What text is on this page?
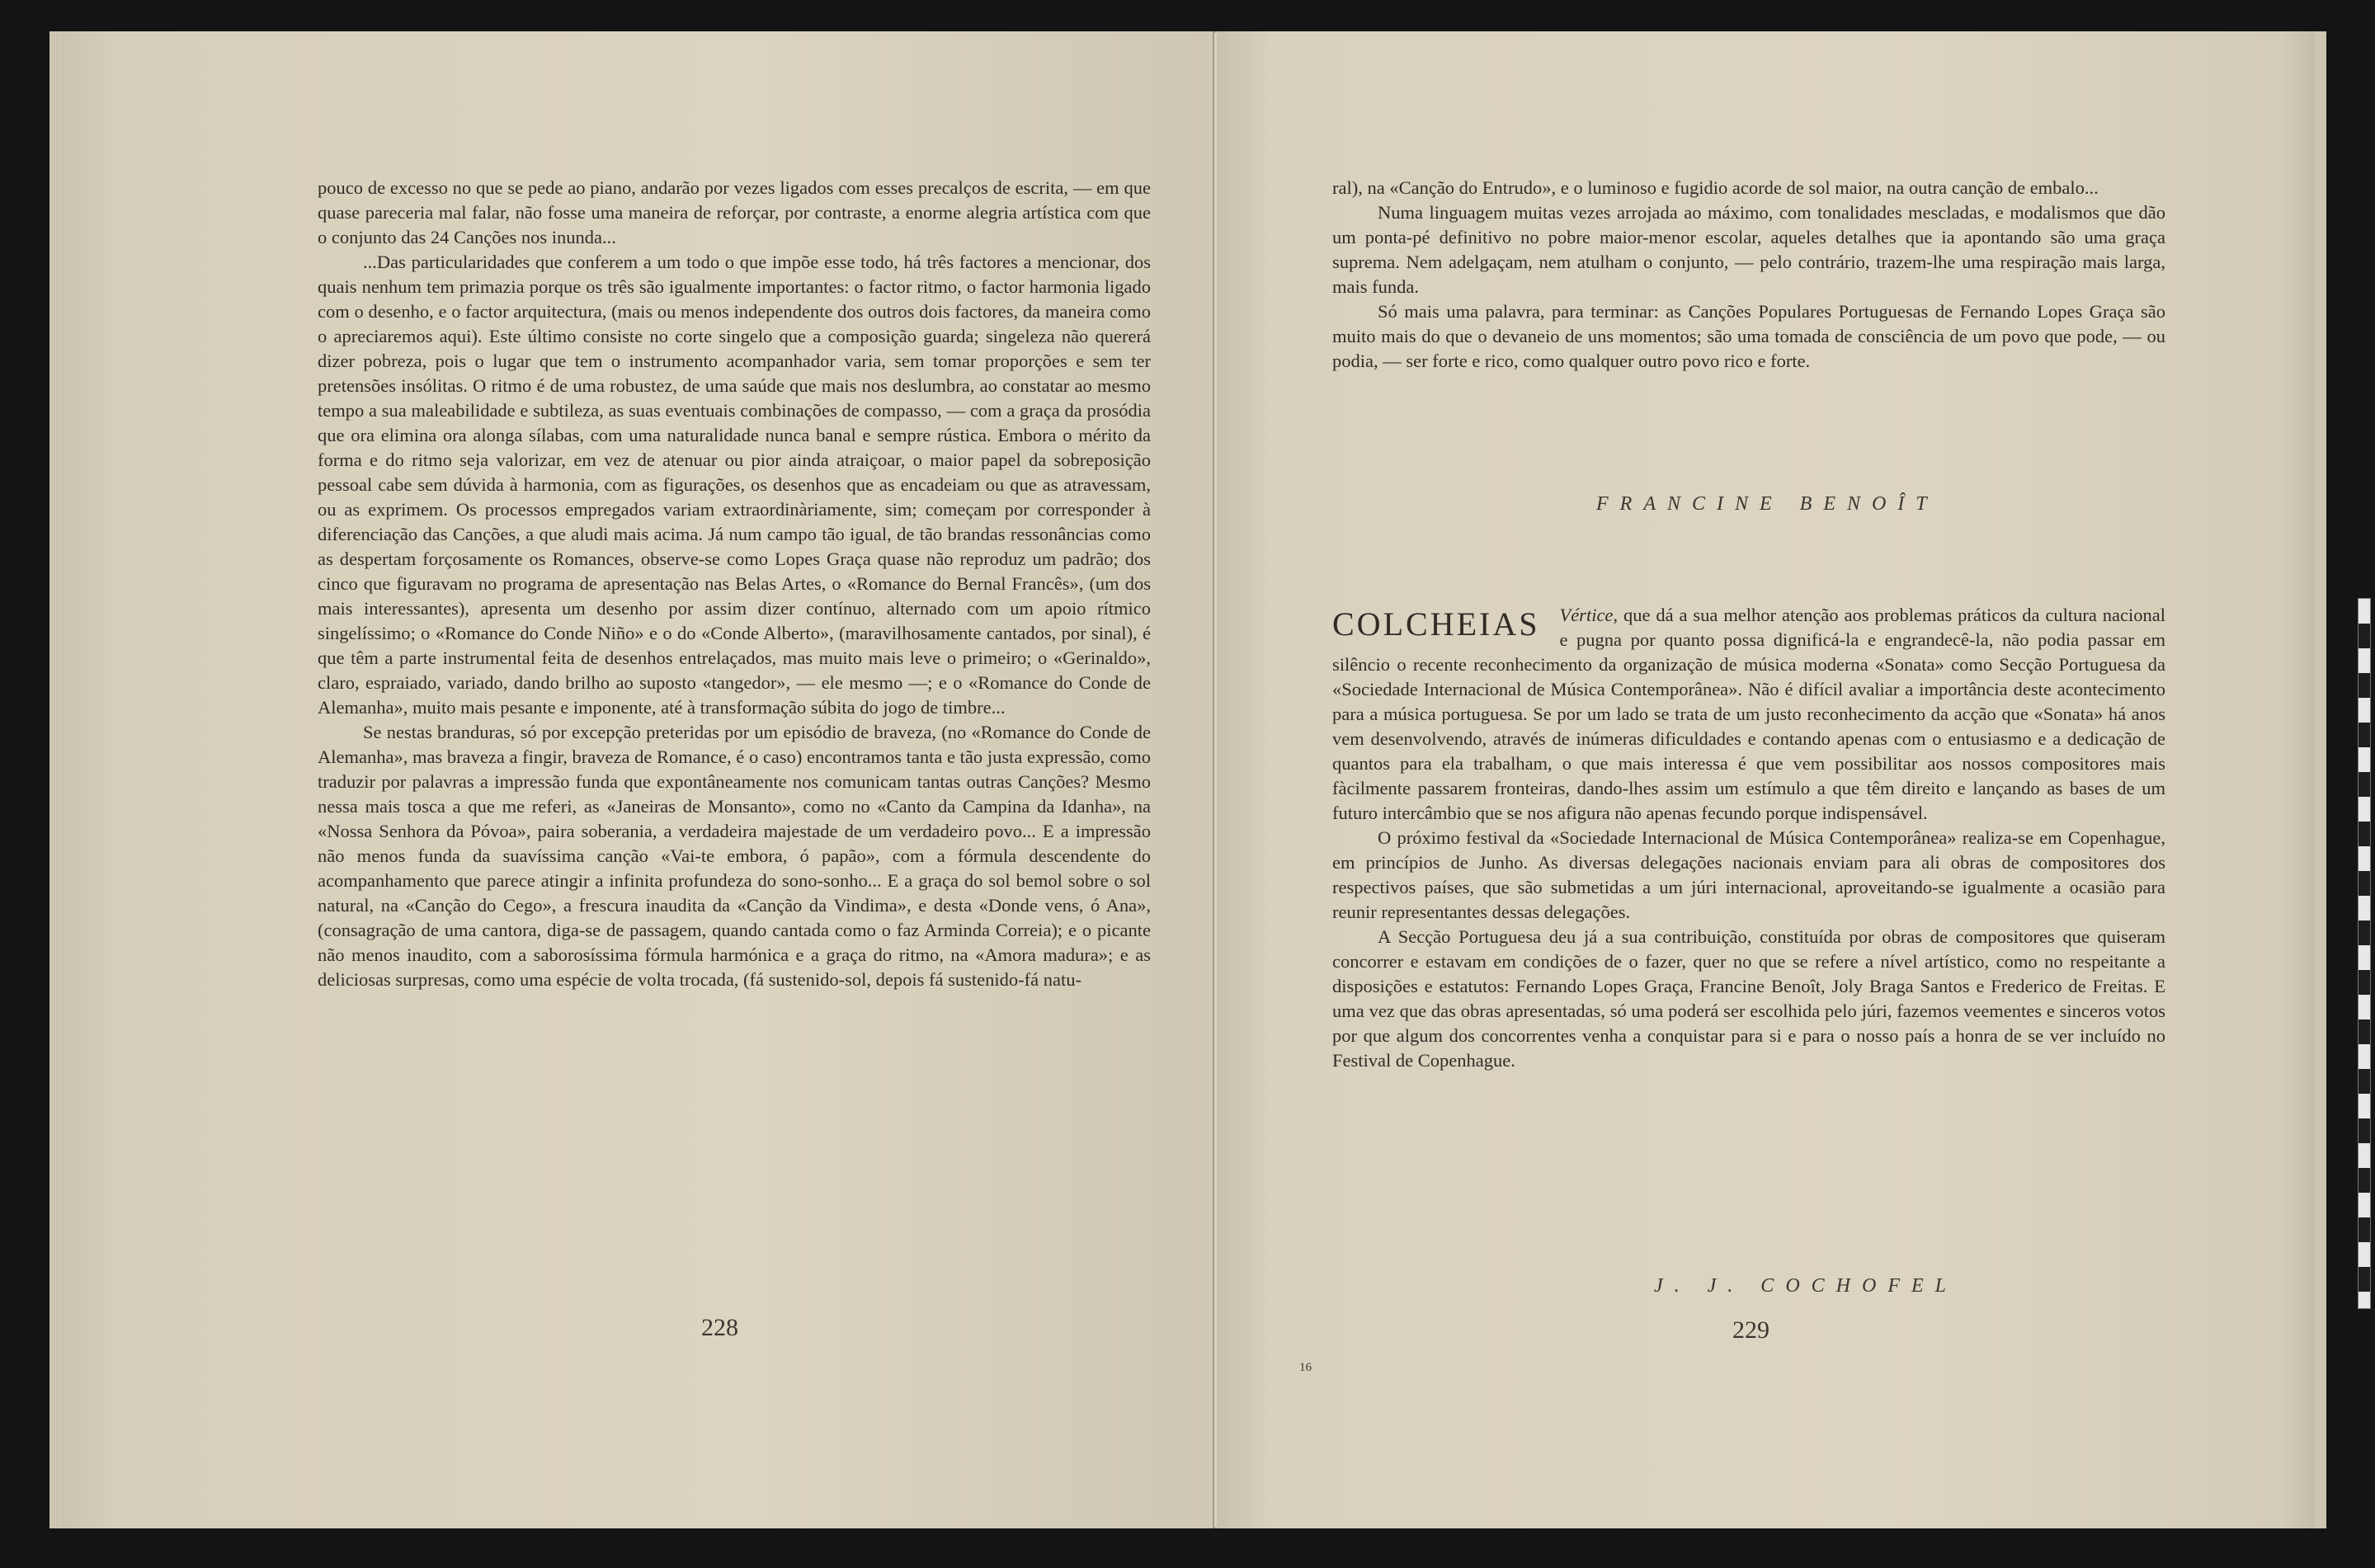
pouco de excesso no que se pede ao piano, andarão por vezes ligados com esses precalços de escrita, — em que quase pareceria mal falar, não fosse uma maneira de reforçar, por contraste, a enorme alegria artística com que o conjunto das 24 Canções nos inunda...

...Das particularidades que conferem a um todo o que impõe esse todo, há três factores a mencionar, dos quais nenhum tem primazia porque os três são igualmente importantes: o factor ritmo, o factor harmonia ligado com o desenho, e o factor arquitectura, (mais ou menos independente dos outros dois factores, da maneira como o apreciaremos aqui). Este último consiste no corte singelo que a composição guarda; singeleza não quererá dizer pobreza, pois o lugar que tem o instrumento acompanhador varia, sem tomar proporções e sem ter pretensões insólitas. O ritmo é de uma robustez, de uma saúde que mais nos deslumbra, ao constatar ao mesmo tempo a sua maleabilidade e subtileza, as suas eventuais combinações de compasso, — com a graça da prosódia que ora elimina ora alonga sílabas, com uma naturalidade nunca banal e sempre rústica. Embora o mérito da forma e do ritmo seja valorizar, em vez de atenuar ou pior ainda atraiçoar, o maior papel da sobreposição pessoal cabe sem dúvida à harmonia, com as figurações, os desenhos que as encadeiam ou que as atravessam, ou as exprimem. Os processos empregados variam extraordinàriamente, sim; começam por corresponder à diferenciação das Canções, a que aludi mais acima. Já num campo tão igual, de tão brandas ressonâncias como as despertam forçosamente os Romances, observe-se como Lopes Graça quase não reproduz um padrão; dos cinco que figuravam no programa de apresentação nas Belas Artes, o «Romance do Bernal Francês», (um dos mais interessantes), apresenta um desenho por assim dizer contínuo, alternado com um apoio rítmico singelíssimo; o «Romance do Conde Niño» e o do «Conde Alberto», (maravilhosamente cantados, por sinal), é que têm a parte instrumental feita de desenhos entrelaçados, mas muito mais leve o primeiro; o «Gerinaldo», claro, espraiado, variado, dando brilho ao suposto «tangedor», — ele mesmo —; e o «Romance do Conde de Alemanha», muito mais pesante e imponente, até à transformação súbita do jogo de timbre...

Se nestas branduras, só por excepção preteridas por um episódio de braveza, (no «Romance do Conde de Alemanha», mas braveza a fingir, braveza de Romance, é o caso) encontramos tanta e tão justa expressão, como traduzir por palavras a impressão funda que expontâneamente nos comunicam tantas outras Canções? Mesmo nessa mais tosca a que me referi, as «Janeiras de Monsanto», como no «Canto da Campina da Idanha», na «Nossa Senhora da Póvoa», paira soberania, a verdadeira majestade de um verdadeiro povo... E a impressão não menos funda da suavíssima canção «Vai-te embora, ó papão», com a fórmula descendente do acompanhamento que parece atingir a infinita profundeza do sono-sonho... E a graça do sol bemol sobre o sol natural, na «Canção do Cego», a frescura inaudita da «Canção da Vindima», e desta «Donde vens, ó Ana», (consagração de uma cantora, diga-se de passagem, quando cantada como o faz Arminda Correia); e o picante não menos inaudito, com a saborosíssima fórmula harmónica e a graça do ritmo, na «Amora madura»; e as deliciosas surpresas, como uma espécie de volta trocada, (fá sustenido-sol, depois fá sustenido-fá natu-

228

ral), na «Canção do Entrudo», e o luminoso e fugidio acorde de sol maior, na outra canção de embalo...

Numa linguagem muitas vezes arrojada ao máximo, com tonalidades mescladas, e modalismos que dão um ponta-pé definitivo no pobre maior-menor escolar, aqueles detalhes que ia apontando são uma graça suprema. Nem adelgaçam, nem atulham o conjunto, — pelo contrário, trazem-lhe uma respiração mais larga, mais funda.

Só mais uma palavra, para terminar: as Canções Populares Portuguesas de Fernando Lopes Graça são muito mais do que o devaneio de uns momentos; são uma tomada de consciência de um povo que pode, — ou podia, — ser forte e rico, como qualquer outro povo rico e forte.

FRANCINE BENOÎT
COLCHEIAS	Vértice, que dá a sua melhor atenção aos problemas práticos da cultura nacional e pugna por quanto possa dignificá-la e engrandecê-la, não podia passar em silêncio o recente reconhecimento da organização de música moderna «Sonata» como Secção Portuguesa da «Sociedade Internacional de Música Contemporânea». Não é difícil avaliar a importância deste acontecimento para a música portuguesa. Se por um lado se trata de um justo reconhecimento da acção que «Sonata» há anos vem desenvolvendo, através de inúmeras dificuldades e contando apenas com o entusiasmo e a dedicação de quantos para ela trabalham, o que mais interessa é que vem possibilitar aos nossos compositores mais fàcilmente passarem fronteiras, dando-lhes assim um estímulo a que têm direito e lançando as bases de um futuro intercâmbio que se nos afigura não apenas fecundo porque indispensável.

O próximo festival da «Sociedade Internacional de Música Contemporânea» realiza-se em Copenhague, em princípios de Junho. As diversas delegações nacionais enviam para ali obras de compositores dos respectivos países, que são submetidas a um júri internacional, aproveitando-se igualmente a ocasião para reunir representantes dessas delegações.

A Secção Portuguesa deu já a sua contribuição, constituída por obras de compositores que quiseram concorrer e estavam em condições de o fazer, quer no que se refere a nível artístico, como no respeitante a disposições e estatutos: Fernando Lopes Graça, Francine Benoît, Joly Braga Santos e Frederico de Freitas. E uma vez que das obras apresentadas, só uma poderá ser escolhida pelo júri, fazemos veementes e sinceros votos por que algum dos concorrentes venha a conquistar para si e para o nosso país a honra de se ver incluído no Festival de Copenhague.

J. J. COCHOFEL
16
229
